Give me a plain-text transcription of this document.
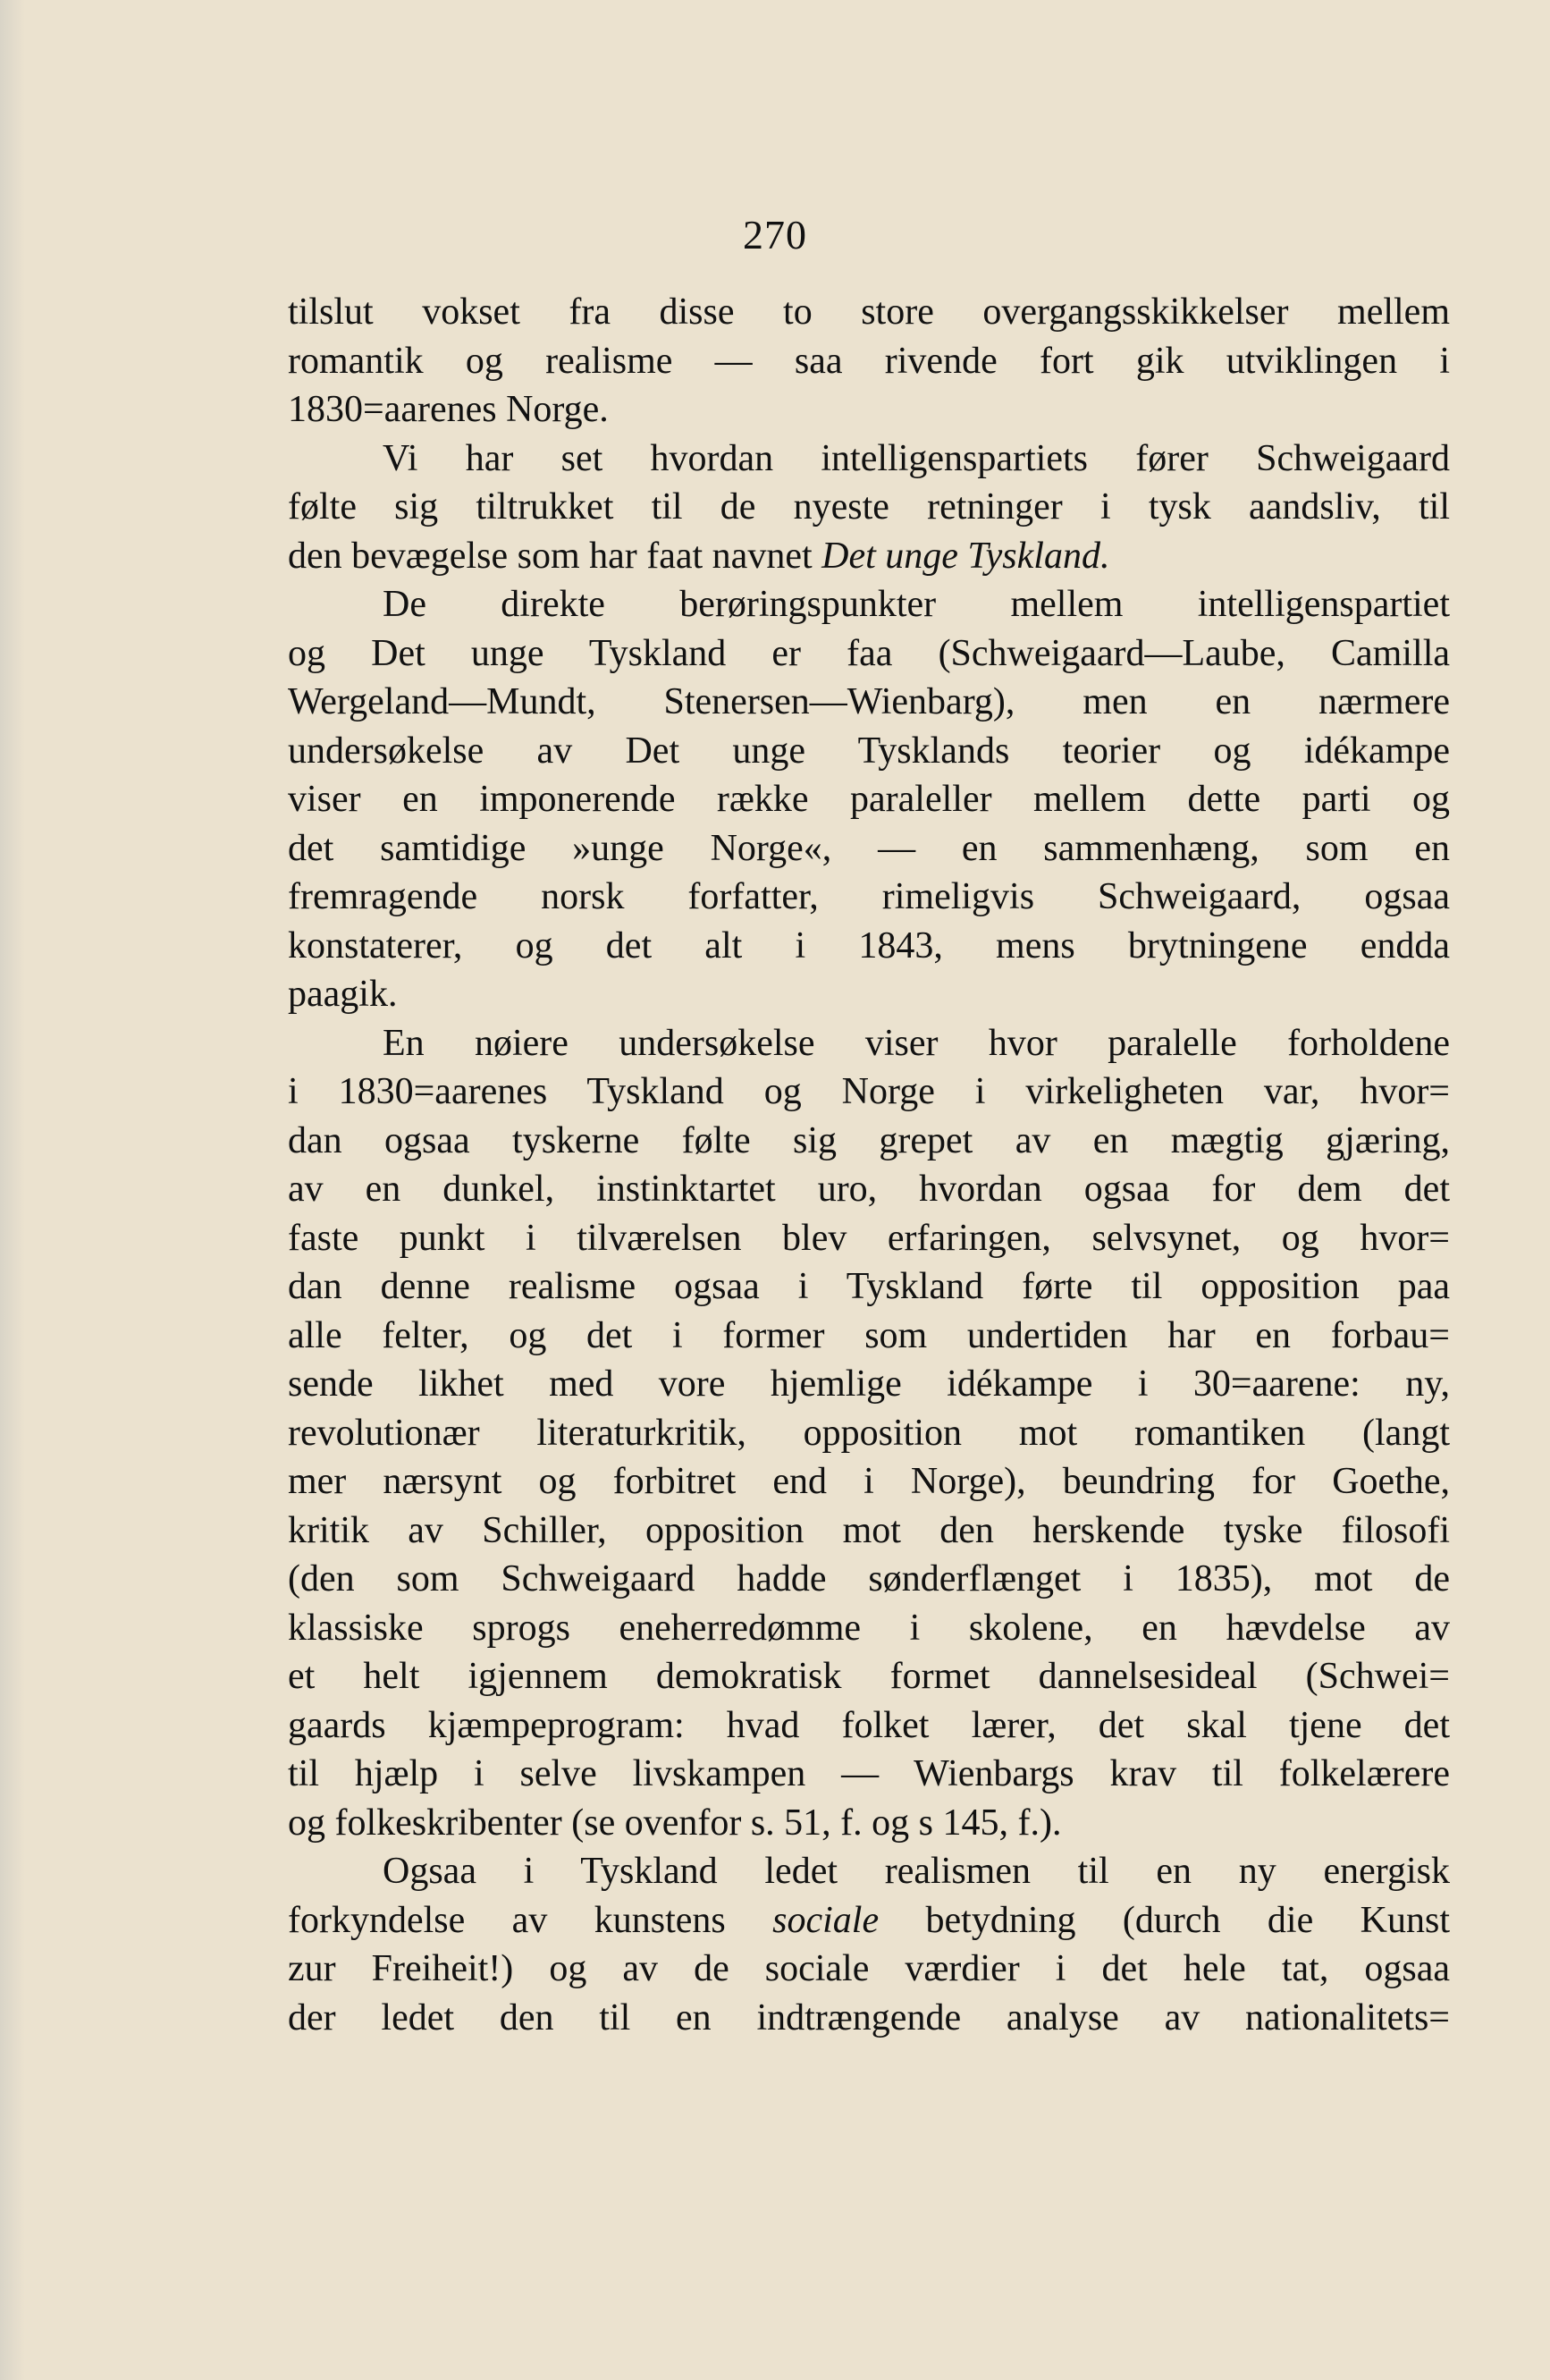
270
tilslut vokset fra disse to store overgangsskikkelser mellem
romantik og realisme — saa rivende fort gik utviklingen i
1830=aarenes Norge.
Vi har set hvordan intelligenspartiets fører Schweigaard
følte sig tiltrukket til de nyeste retninger i tysk aandsliv, til
den bevægelse som har faat navnet Det unge Tyskland.
De direkte berøringspunkter mellem intelligenspartiet
og Det unge Tyskland er faa (Schweigaard—Laube, Camilla
Wergeland—Mundt, Stenersen—Wienbarg), men en nærmere
undersøkelse av Det unge Tysklands teorier og idékampe
viser en imponerende række paraleller mellem dette parti og
det samtidige »unge Norge«, — en sammenhæng, som en
fremragende norsk forfatter, rimeligvis Schweigaard, ogsaa
konstaterer, og det alt i 1843, mens brytningene endda
paagik.
En nøiere undersøkelse viser hvor paralelle forholdene
i 1830=aarenes Tyskland og Norge i virkeligheten var, hvor=
dan ogsaa tyskerne følte sig grepet av en mægtig gjæring,
av en dunkel, instinktartet uro, hvordan ogsaa for dem det
faste punkt i tilværelsen blev erfaringen, selvsynet, og hvor=
dan denne realisme ogsaa i Tyskland førte til opposition paa
alle felter, og det i former som undertiden har en forbau=
sende likhet med vore hjemlige idékampe i 30=aarene: ny,
revolutionær literaturkritik, opposition mot romantiken (langt
mer nærsynt og forbitret end i Norge), beundring for Goethe,
kritik av Schiller, opposition mot den herskende tyske filosofi
(den som Schweigaard hadde sønderflænget i 1835), mot de
klassiske sprogs eneherredømme i skolene, en hævdelse av
et helt igjennem demokratisk formet dannelsesideal (Schwei=
gaards kjæmpeprogram: hvad folket lærer, det skal tjene det
til hjælp i selve livskampen — Wienbargs krav til folkelærere
og folkeskribenter (se ovenfor s. 51, f. og s 145, f.).
Ogsaa i Tyskland ledet realismen til en ny energisk
forkyndelse av kunstens sociale betydning (durch die Kunst
zur Freiheit!) og av de sociale værdier i det hele tat, ogsaa
der ledet den til en indtrængende analyse av nationalitets=
